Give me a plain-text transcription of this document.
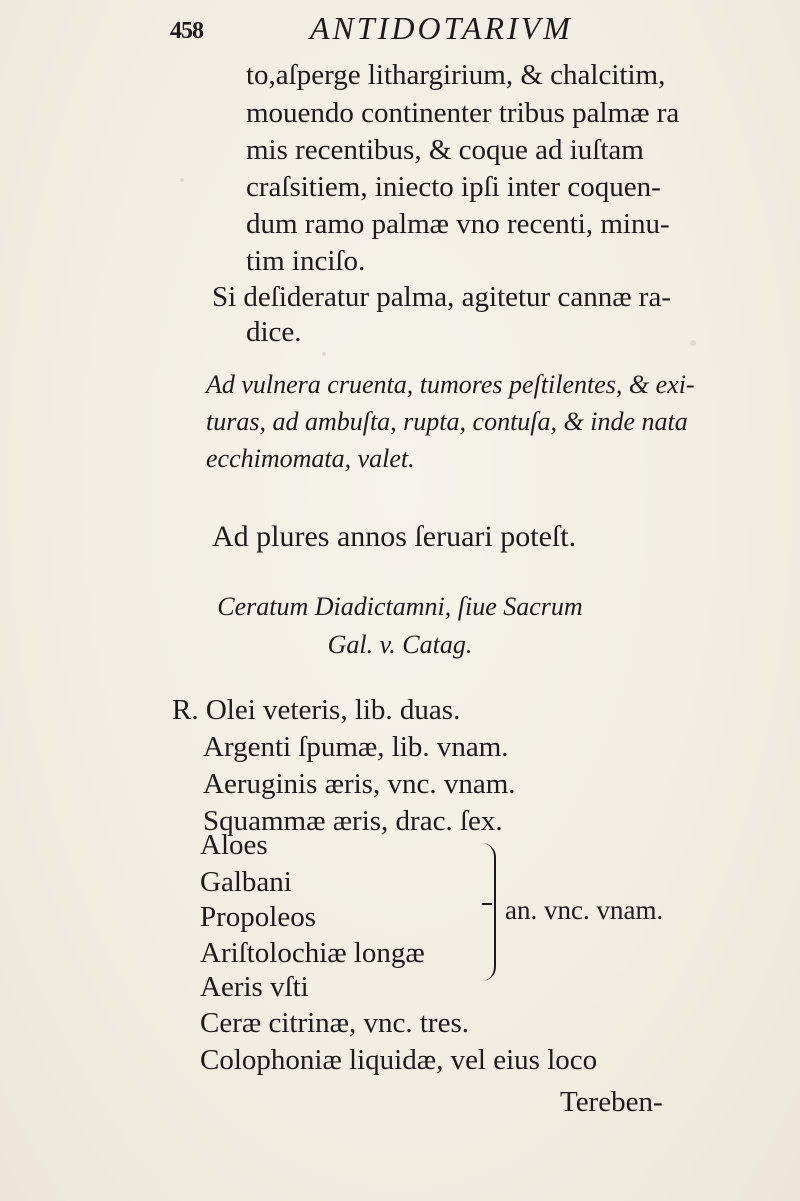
458	ANTIDOTARIVM
to,aſperge lithargirium, & chalcitim,
mouendo continenter tribus palmæ ra
mis recentibus, & coque ad iuſtam
craſsitiem, iniecto ipſi inter coquen-
dum ramo palmæ vno recenti, minu-
tim inciſo.
Si deſideratur palma, agitetur cannæ ra-
dice.
Ad vulnera cruenta, tumores peſtilentes, & exi-
turas, ad ambuſta, rupta, contuſa, & inde nata
ecchimomata, valet.
Ad plures annos ſeruari poteſt.
Ceratum Diadictamni, ſiue Sacrum
Gal. v. Catag.
R. Olei veteris, lib. duas.
Argenti ſpumæ, lib. vnam.
Aeruginis æris, vnc. vnam.
Squammæ æris, drac. ſex.
Aloes
Galbani
Propoleos
Ariſtolochiæ longæ
Aeris vſti
an. vnc. vnam.
Ceræ citrinæ, vnc. tres.
Colophoniæ liquidæ, vel eius loco
Tereben-
